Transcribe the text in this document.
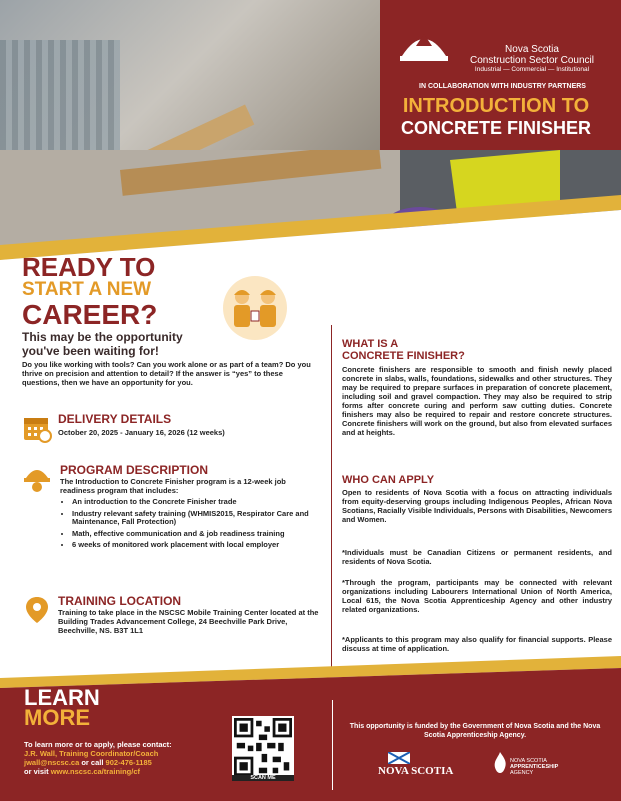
Nova Scotia
Construction Sector Council
Industrial — Commercial — Institutional
IN COLLABORATION WITH INDUSTRY PARTNERS
INTRODUCTION TO
CONCRETE FINISHER
READY TO
START A NEW
CAREER?
This may be the opportunity you've been waiting for!
Do you like working with tools? Can you work alone or as part of a team? Do you thrive on precision and attention to detail? If the answer is “yes” to these questions, then we have an opportunity for you.
DELIVERY DETAILS
October 20, 2025 - January 16, 2026 (12 weeks)
PROGRAM DESCRIPTION
The Introduction to Concrete Finisher program is a 12-week job readiness program that includes:
• An introduction to the Concrete Finisher trade
• Industry relevant safety training (WHMIS2015, Respirator Care and Maintenance, Fall Protection)
• Math, effective communication and & job readiness training
• 6 weeks of monitored work placement with local employer
TRAINING LOCATION
Training to take place in the NSCSC Mobile Training Center located at the Building Trades Advancement College, 24 Beechville Park Drive, Beechville, NS. B3T 1L1
WHAT IS A
CONCRETE FINISHER?
Concrete finishers are responsible to smooth and finish newly placed concrete in slabs, walls, foundations, sidewalks and other structures. They may be required to prepare surfaces in preparation of concrete placement, including soil and gravel compaction. They may also be required to strip forms after concrete curing and perform saw cutting duties. Concrete finishers may also be required to repair and restore concrete structures. Concrete finishers will work on the ground, but also from elevated surfaces and at heights.
WHO CAN APPLY
Open to residents of Nova Scotia with a focus on attracting individuals from equity-deserving groups including Indigenous Peoples, African Nova Scotians, Racially Visible Individuals, Persons with Disabilities, Newcomers and Women.
*Individuals must be Canadian Citizens or permanent residents, and residents of Nova Scotia.
*Through the program, participants may be connected with relevant organizations including Labourers International Union of North America, Local 615, the Nova Scotia Apprenticeship Agency and other industry related organizations.
*Applicants to this program may also qualify for financial supports. Please discuss at time of application.
LEARN
MORE
To learn more or to apply, please contact:
J.R. Wall, Training Coordinator/Coach
jwall@nscsc.ca or call 902-476-1185
or visit www.nscsc.ca/training/cf
SCAN ME
This opportunity is funded by the Government of Nova Scotia and the Nova Scotia Apprenticeship Agency.
NOVA SCOTIA
NOVA SCOTIA
APPRENTICESHIP
AGENCY
